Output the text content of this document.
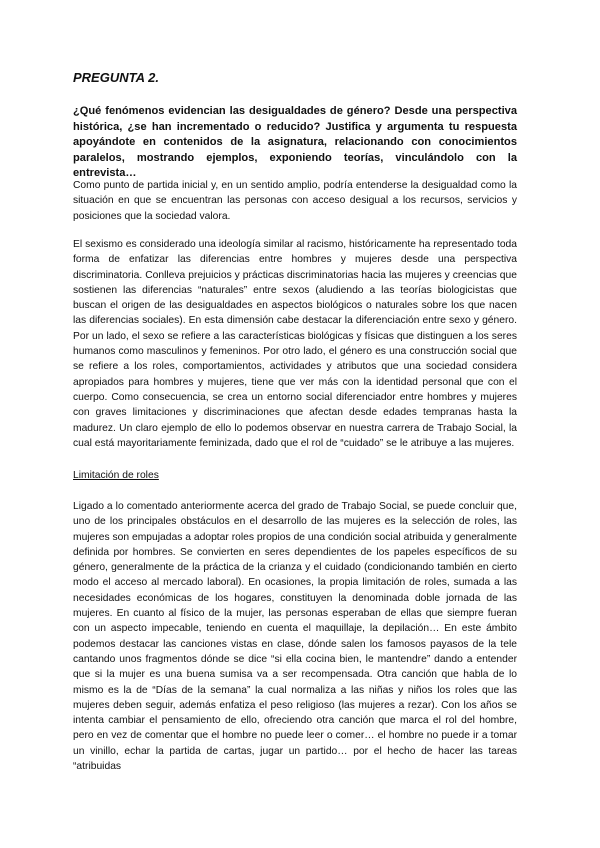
PREGUNTA 2.

¿Qué fenómenos evidencian las desigualdades de género? Desde una perspectiva histórica, ¿se han incrementado o reducido? Justifica y argumenta tu respuesta apoyándote en contenidos de la asignatura, relacionando con conocimientos paralelos, mostrando ejemplos, exponiendo teorías, vinculándolo con la entrevista…

Como punto de partida inicial y, en un sentido amplio, podría entenderse la desigualdad como la situación en que se encuentran las personas con acceso desigual a los recursos, servicios y posiciones que la sociedad valora.

El sexismo es considerado una ideología similar al racismo, históricamente ha representado toda forma de enfatizar las diferencias entre hombres y mujeres desde una perspectiva discriminatoria. Conlleva prejuicios y prácticas discriminatorias hacia las mujeres y creencias que sostienen las diferencias “naturales” entre sexos (aludiendo a las teorías biologicistas que buscan el origen de las desigualdades en aspectos biológicos o naturales sobre los que nacen las diferencias sociales). En esta dimensión cabe destacar la diferenciación entre sexo y género. Por un lado, el sexo se refiere a las características biológicas y físicas que distinguen a los seres humanos como masculinos y femeninos. Por otro lado, el género es una construcción social que se refiere a los roles, comportamientos, actividades y atributos que una sociedad considera apropiados para hombres y mujeres, tiene que ver más con la identidad personal que con el cuerpo. Como consecuencia, se crea un entorno social diferenciador entre hombres y mujeres con graves limitaciones y discriminaciones que afectan desde edades tempranas hasta la madurez. Un claro ejemplo de ello lo podemos observar en nuestra carrera de Trabajo Social, la cual está mayoritariamente feminizada, dado que el rol de “cuidado” se le atribuye a las mujeres.

Limitación de roles

Ligado a lo comentado anteriormente acerca del grado de Trabajo Social, se puede concluir que, uno de los principales obstáculos en el desarrollo de las mujeres es la selección de roles, las mujeres son empujadas a adoptar roles propios de una condición social atribuida y generalmente definida por hombres. Se convierten en seres dependientes de los papeles específicos de su género, generalmente de la práctica de la crianza y el cuidado (condicionando también en cierto modo el acceso al mercado laboral). En ocasiones, la propia limitación de roles, sumada a las necesidades económicas de los hogares, constituyen la denominada doble jornada de las mujeres. En cuanto al físico de la mujer, las personas esperaban de ellas que siempre fueran con un aspecto impecable, teniendo en cuenta el maquillaje, la depilación… En este ámbito podemos destacar las canciones vistas en clase, dónde salen los famosos payasos de la tele cantando unos fragmentos dónde se dice “si ella cocina bien, le mantendre” dando a entender que si la mujer es una buena sumisa va a ser recompensada. Otra canción que habla de lo mismo es la de “Días de la semana” la cual normaliza a las niñas y niños los roles que las mujeres deben seguir, además enfatiza el peso religioso (las mujeres a rezar). Con los años se intenta cambiar el pensamiento de ello, ofreciendo otra canción que marca el rol del hombre, pero en vez de comentar que el hombre no puede leer o comer… el hombre no puede ir a tomar un vinillo, echar la partida de cartas, jugar un partido… por el hecho de hacer las tareas “atribuidas
